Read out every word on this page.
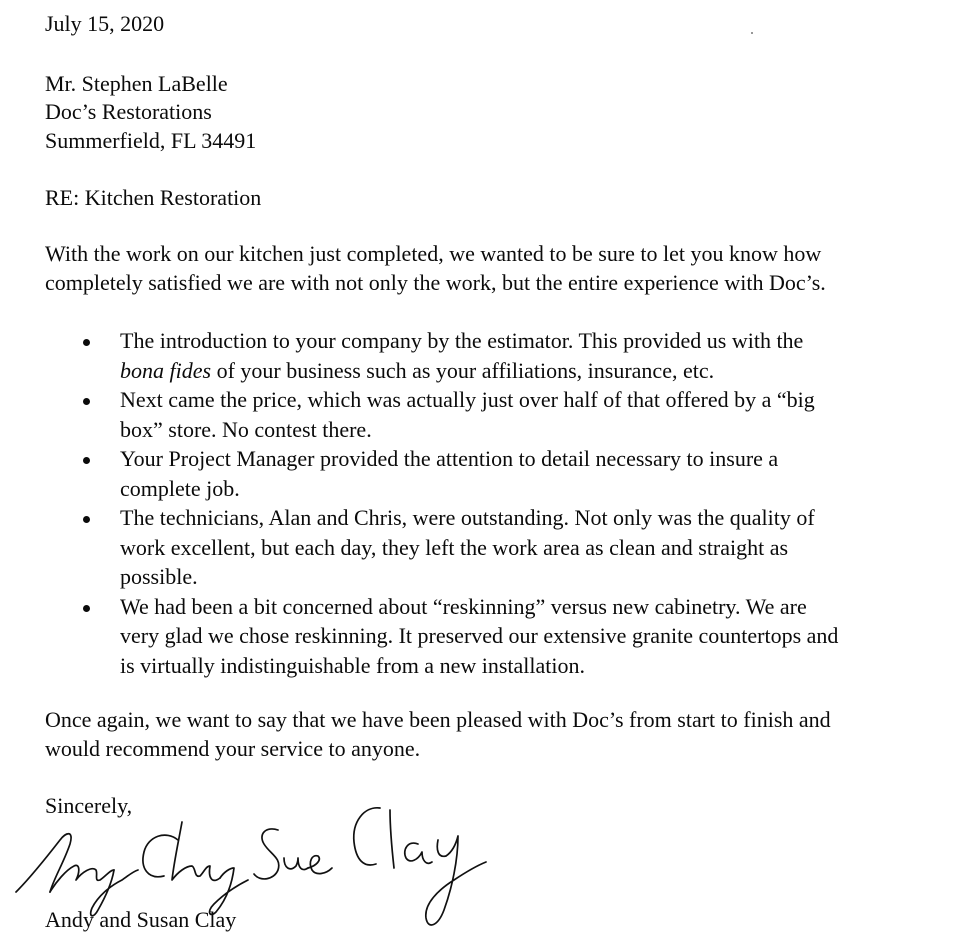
July 15, 2020
Mr. Stephen LaBelle
Doc’s Restorations
Summerfield, FL 34491
RE: Kitchen Restoration
With the work on our kitchen just completed, we wanted to be sure to let you know how
completely satisfied we are with not only the work, but the entire experience with Doc’s.
The introduction to your company by the estimator. This provided us with the
bona fides of your business such as your affiliations, insurance, etc.
Next came the price, which was actually just over half of that offered by a “big
box” store. No contest there.
Your Project Manager provided the attention to detail necessary to insure a
complete job.
The technicians, Alan and Chris, were outstanding. Not only was the quality of
work excellent, but each day, they left the work area as clean and straight as
possible.
We had been a bit concerned about “reskinning” versus new cabinetry. We are
very glad we chose reskinning. It preserved our extensive granite countertops and
is virtually indistinguishable from a new installation.
Once again, we want to say that we have been pleased with Doc’s from start to finish and
would recommend your service to anyone.
Sincerely,
Andy and Susan Clay
